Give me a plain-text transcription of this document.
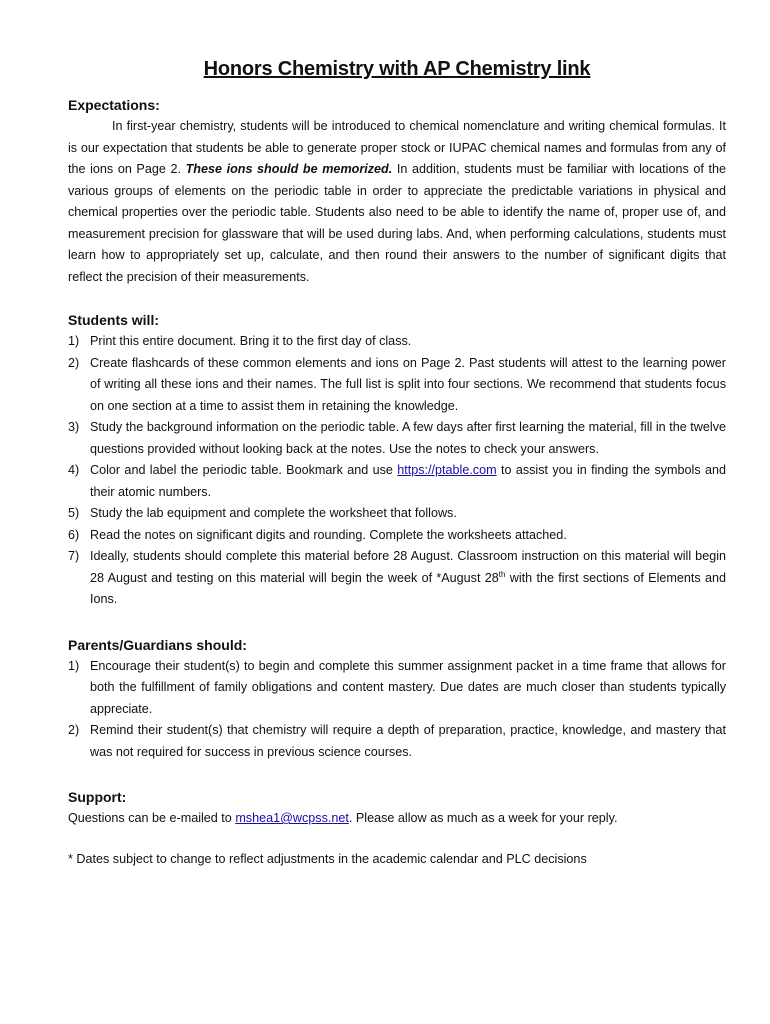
Honors Chemistry with AP Chemistry link
Expectations:

In first-year chemistry, students will be introduced to chemical nomenclature and writing chemical formulas. It is our expectation that students be able to generate proper stock or IUPAC chemical names and formulas from any of the ions on Page 2. These ions should be memorized. In addition, students must be familiar with locations of the various groups of elements on the periodic table in order to appreciate the predictable variations in physical and chemical properties over the periodic table. Students also need to be able to identify the name of, proper use of, and measurement precision for glassware that will be used during labs. And, when performing calculations, students must learn how to appropriately set up, calculate, and then round their answers to the number of significant digits that reflect the precision of their measurements.

Students will:
1) Print this entire document. Bring it to the first day of class.
2) Create flashcards of these common elements and ions on Page 2. Past students will attest to the learning power of writing all these ions and their names. The full list is split into four sections. We recommend that students focus on one section at a time to assist them in retaining the knowledge.
3) Study the background information on the periodic table. A few days after first learning the material, fill in the twelve questions provided without looking back at the notes. Use the notes to check your answers.
4) Color and label the periodic table. Bookmark and use https://ptable.com to assist you in finding the symbols and their atomic numbers.
5) Study the lab equipment and complete the worksheet that follows.
6) Read the notes on significant digits and rounding. Complete the worksheets attached.
7) Ideally, students should complete this material before 28 August. Classroom instruction on this material will begin 28 August and testing on this material will begin the week of *August 28th with the first sections of Elements and Ions.
Parents/Guardians should:
1) Encourage their student(s) to begin and complete this summer assignment packet in a time frame that allows for both the fulfillment of family obligations and content mastery. Due dates are much closer than students typically appreciate.
2) Remind their student(s) that chemistry will require a depth of preparation, practice, knowledge, and mastery that was not required for success in previous science courses.
Support:

Questions can be e-mailed to mshea1@wcpss.net. Please allow as much as a week for your reply.

* Dates subject to change to reflect adjustments in the academic calendar and PLC decisions
